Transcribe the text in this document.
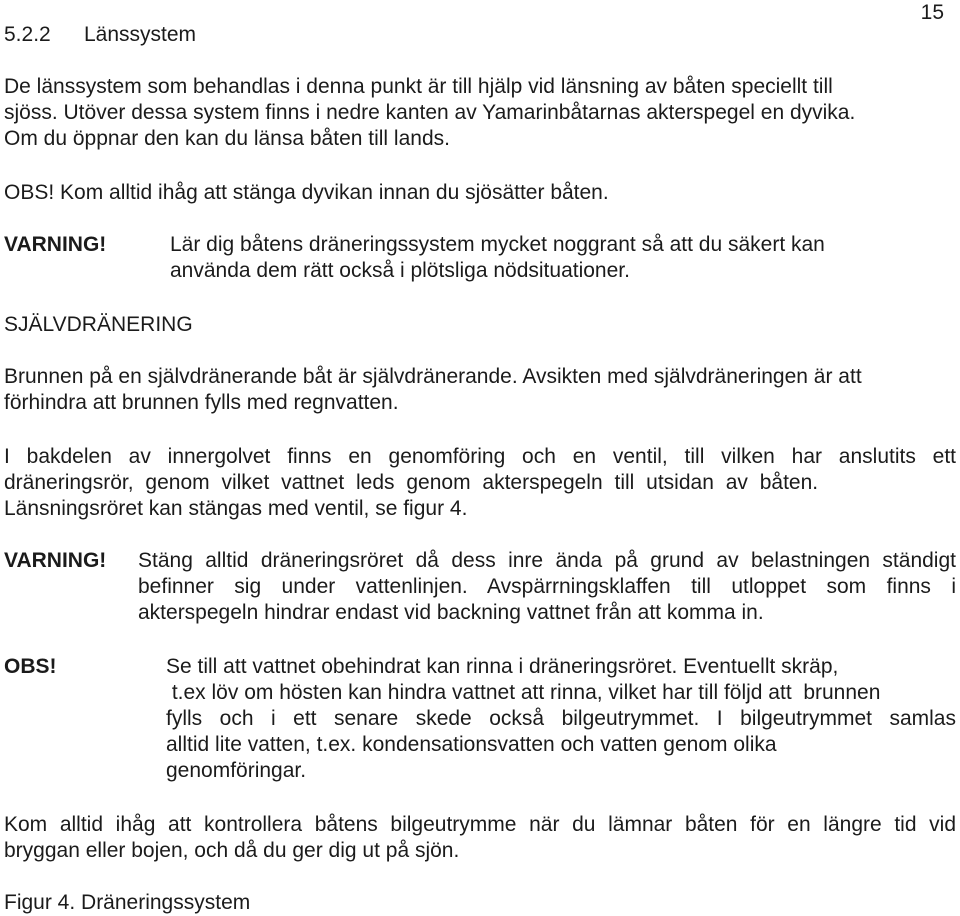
15
5.2.2 Länssystem
De länssystem som behandlas i denna punkt är till hjälp vid länsning av båten speciellt till
sjöss. Utöver dessa system finns i nedre kanten av Yamarinbåtarnas akterspegel en dyvika.
Om du öppnar den kan du länsa båten till lands.
OBS! Kom alltid ihåg att stänga dyvikan innan du sjösätter båten.
VARNING!	Lär dig båtens dräneringssystem mycket noggrant så att du säkert kan
använda dem rätt också i plötsliga nödsituationer.
SJÄLVDRÄNERING
Brunnen på en självdränerande båt är självdränerande. Avsikten med självdräneringen är att
förhindra att brunnen fylls med regnvatten.
I bakdelen av innergolvet finns en genomföring och en ventil, till vilken har anslutits ett
dräneringsrör, genom vilket vattnet leds genom akterspegeln till utsidan av båten.
Länsningsröret kan stängas med ventil, se figur 4.
VARNING!	Stäng alltid dräneringsröret då dess inre ända på grund av belastningen ständigt
befinner sig under vattenlinjen. Avspärrningsklaffen till utloppet som finns i
akterspegeln hindrar endast vid backning vattnet från att komma in.
OBS!	Se till att vattnet obehindrat kan rinna i dräneringsröret. Eventuellt skräp,
t.ex löv om hösten kan hindra vattnet att rinna, vilket har till följd att  brunnen
fylls och i ett senare skede också bilgeutrymmet. I bilgeutrymmet samlas
alltid lite vatten, t.ex. kondensationsvatten och vatten genom olika
genomföringar.
Kom alltid ihåg att kontrollera båtens bilgeutrymme när du lämnar båten för en längre tid vid
bryggan eller bojen, och då du ger dig ut på sjön.
Figur 4. Dräneringssystem
